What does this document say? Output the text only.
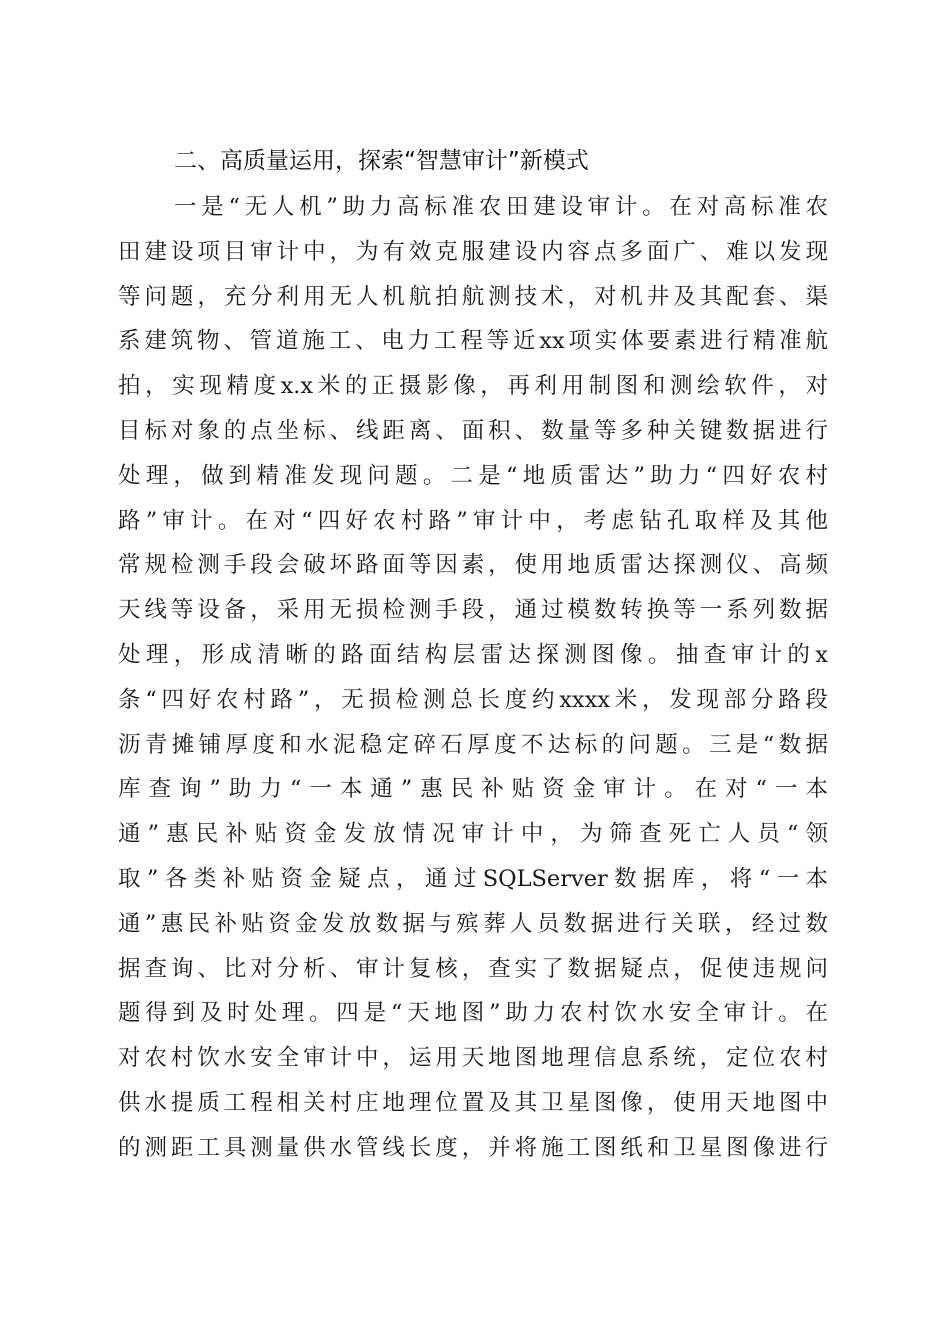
二、高质量运用，探索“智慧审计”新模式
一是“无人机”助力高标准农田建设审计。在对高标准农
田建设项目审计中，为有效克服建设内容点多面广、难以发现
等问题，充分利用无人机航拍航测技术，对机井及其配套、渠
系建筑物、管道施工、电力工程等近xx项实体要素进行精准航
拍，实现精度x.x米的正摄影像，再利用制图和测绘软件，对
目标对象的点坐标、线距离、面积、数量等多种关键数据进行
处理，做到精准发现问题。二是“地质雷达”助力“四好农村
路”审计。在对“四好农村路”审计中，考虑钻孔取样及其他
常规检测手段会破坏路面等因素，使用地质雷达探测仪、高频
天线等设备，采用无损检测手段，通过模数转换等一系列数据
处理，形成清晰的路面结构层雷达探测图像。抽查审计的x
条“四好农村路”，无损检测总长度约xxxx米，发现部分路段
沥青摊铺厚度和水泥稳定碎石厚度不达标的问题。三是“数据
库查询”助力“一本通”惠民补贴资金审计。在对“一本
通”惠民补贴资金发放情况审计中，为筛查死亡人员“领
取”各类补贴资金疑点，通过SQLServer数据库，将“一本
通”惠民补贴资金发放数据与殡葬人员数据进行关联，经过数
据查询、比对分析、审计复核，查实了数据疑点，促使违规问
题得到及时处理。四是“天地图”助力农村饮水安全审计。在
对农村饮水安全审计中，运用天地图地理信息系统，定位农村
供水提质工程相关村庄地理位置及其卫星图像，使用天地图中
的测距工具测量供水管线长度，并将施工图纸和卫星图像进行
